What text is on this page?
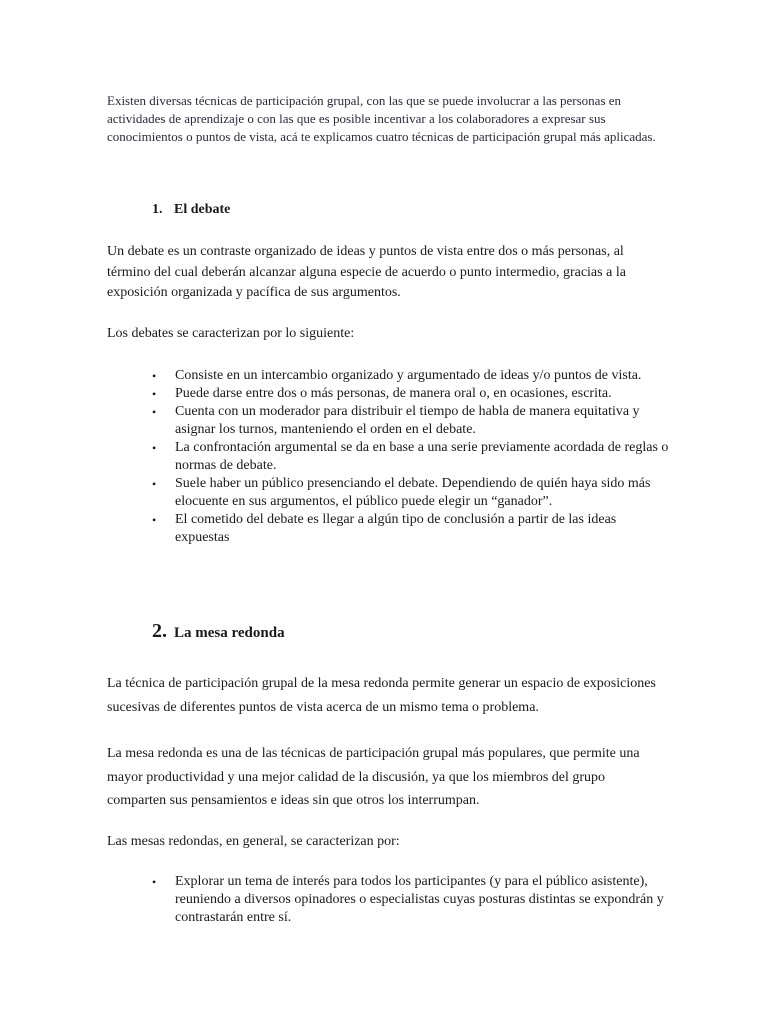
Existen diversas técnicas de participación grupal, con las que se puede involucrar a las personas en actividades de aprendizaje o con las que es posible incentivar a los colaboradores a expresar sus conocimientos o puntos de vista, acá te explicamos cuatro técnicas de participación grupal más aplicadas.
1. El debate
Un debate es un contraste organizado de ideas y puntos de vista entre dos o más personas, al término del cual deberán alcanzar alguna especie de acuerdo o punto intermedio, gracias a la exposición organizada y pacífica de sus argumentos.
Los debates se caracterizan por lo siguiente:
• Consiste en un intercambio organizado y argumentado de ideas y/o puntos de vista.
• Puede darse entre dos o más personas, de manera oral o, en ocasiones, escrita.
• Cuenta con un moderador para distribuir el tiempo de habla de manera equitativa y asignar los turnos, manteniendo el orden en el debate.
• La confrontación argumental se da en base a una serie previamente acordada de reglas o normas de debate.
• Suele haber un público presenciando el debate. Dependiendo de quién haya sido más elocuente en sus argumentos, el público puede elegir un “ganador”.
• El cometido del debate es llegar a algún tipo de conclusión a partir de las ideas expuestas
2. La mesa redonda
La técnica de participación grupal de la mesa redonda permite generar un espacio de exposiciones sucesivas de diferentes puntos de vista acerca de un mismo tema o problema.
La mesa redonda es una de las técnicas de participación grupal más populares, que permite una mayor productividad y una mejor calidad de la discusión, ya que los miembros del grupo comparten sus pensamientos e ideas sin que otros los interrumpan.
Las mesas redondas, en general, se caracterizan por:
• Explorar un tema de interés para todos los participantes (y para el público asistente), reuniendo a diversos opinadores o especialistas cuyas posturas distintas se expondrán y contrastarán entre sí.
